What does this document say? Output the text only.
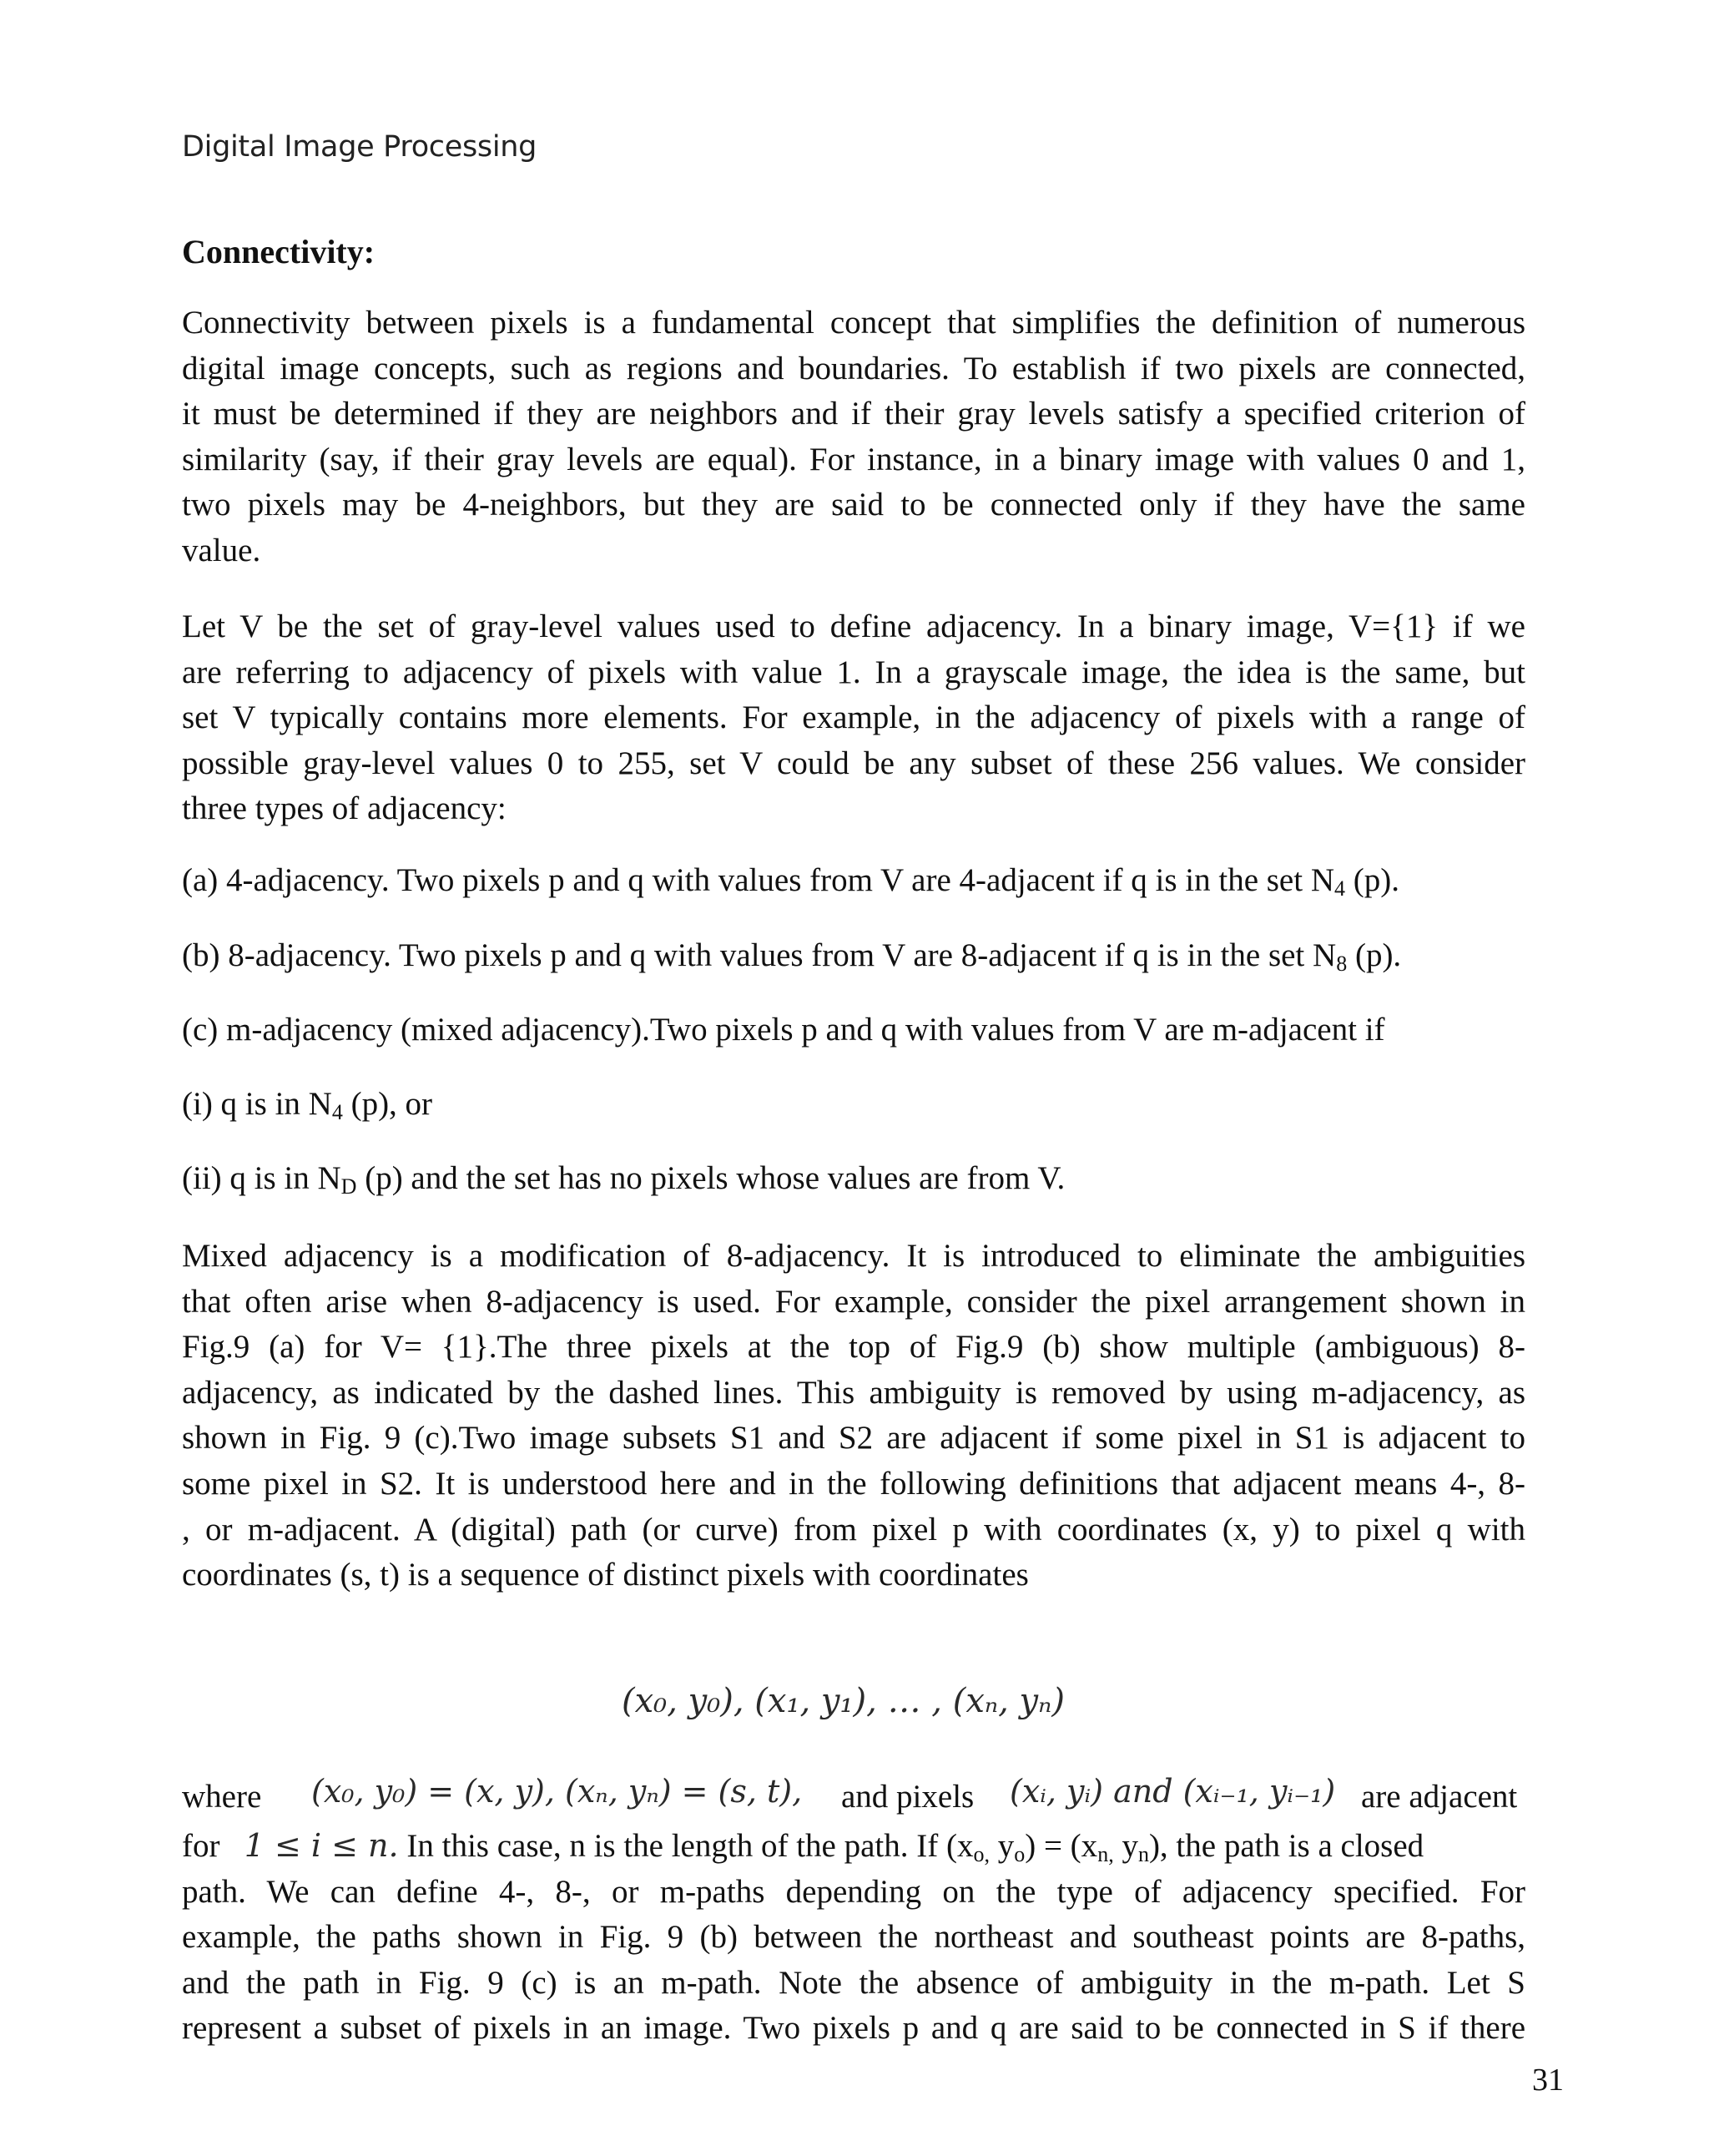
Digital Image Processing
Connectivity:
Connectivity between pixels is a fundamental concept that simplifies the definition of numerous
digital image concepts, such as regions and boundaries. To establish if two pixels are connected,
it must be determined if they are neighbors and if their gray levels satisfy a specified criterion of
similarity (say, if their gray levels are equal). For instance, in a binary image with values 0 and 1,
two pixels may be 4-neighbors, but they are said to be connected only if they have the same
value.
Let V be the set of gray-level values used to define adjacency. In a binary image, V={1} if we
are referring to adjacency of pixels with value 1. In a grayscale image, the idea is the same, but
set V typically contains more elements. For example, in the adjacency of pixels with a range of
possible gray-level values 0 to 255, set V could be any subset of these 256 values. We consider
three types of adjacency:
(a) 4-adjacency. Two pixels p and q with values from V are 4-adjacent if q is in the set $N_4$ (p).
(b) 8-adjacency. Two pixels p and q with values from V are 8-adjacent if q is in the set $N_8$ (p).
(c) m-adjacency (mixed adjacency).Two pixels p and q with values from V are m-adjacent if
(i) q is in $N_4$ (p), or
(ii) q is in $N_D$ (p) and the set has no pixels whose values are from V.
Mixed adjacency is a modification of 8-adjacency. It is introduced to eliminate the ambiguities
that often arise when 8-adjacency is used. For example, consider the pixel arrangement shown in
Fig.9 (a) for V= {1}.The three pixels at the top of Fig.9 (b) show multiple (ambiguous) 8-
adjacency, as indicated by the dashed lines. This ambiguity is removed by using m-adjacency, as
shown in Fig. 9 (c).Two image subsets S1 and S2 are adjacent if some pixel in S1 is adjacent to
some pixel in S2. It is understood here and in the following definitions that adjacent means 4-, 8-
, or m-adjacent. A (digital) path (or curve) from pixel p with coordinates (x, y) to pixel q with
coordinates (s, t) is a sequence of distinct pixels with coordinates
(x₀, y₀), (x₁, y₁), … , (xₙ, yₙ)
where (x₀, y₀) = (x, y), (xₙ, yₙ) = (s, t), and pixels (xᵢ, yᵢ) and (xᵢ₋₁, yᵢ₋₁) are adjacent
for 1 ≤ i ≤ n. In this case, n is the length of the path. If ($x_{o,}$ $y_o) = (x_{n,}$ $y_n$), the path is a closed
path. We can define 4-, 8-, or m-paths depending on the type of adjacency specified. For
example, the paths shown in Fig. 9 (b) between the northeast and southeast points are 8-paths,
and the path in Fig. 9 (c) is an m-path. Note the absence of ambiguity in the m-path. Let S
represent a subset of pixels in an image. Two pixels p and q are said to be connected in S if there
31
